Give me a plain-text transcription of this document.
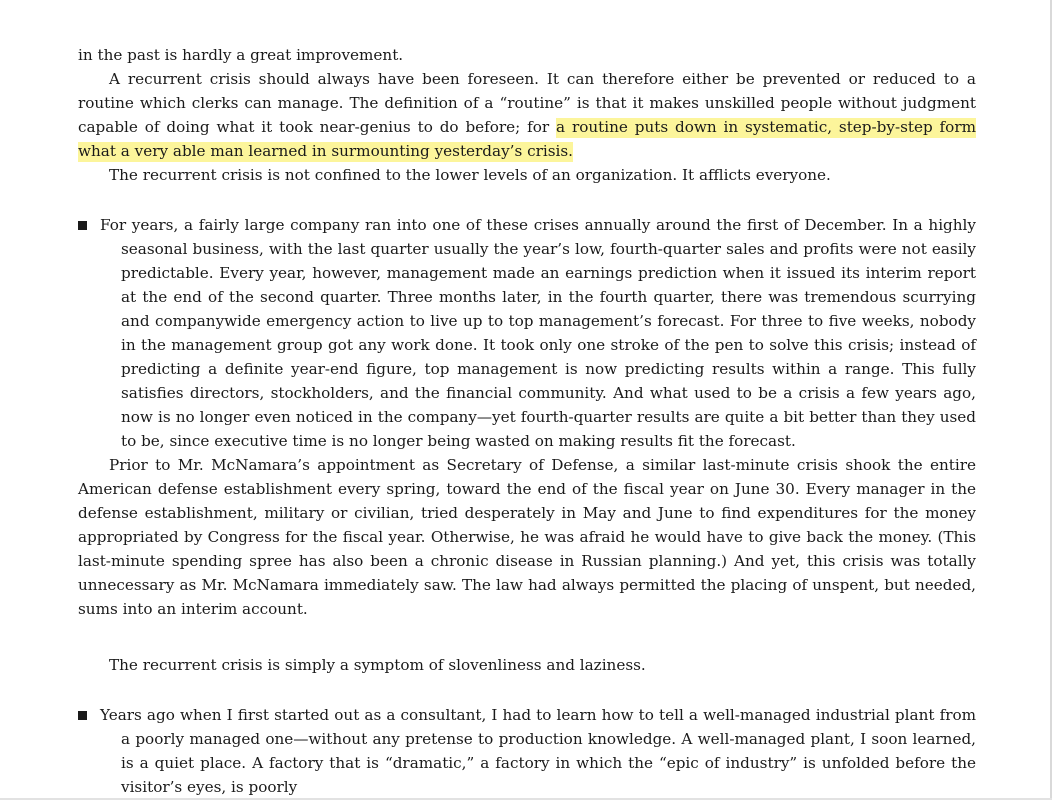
in the past is hardly a great improvement.

A recurrent crisis should always have been foreseen. It can therefore either be prevented or reduced to a routine which clerks can manage. The definition of a “routine” is that it makes unskilled people without judgment capable of doing what it took near-genius to do before; for a routine puts down in systematic, step-by-step form what a very able man learned in surmounting yesterday’s crisis.

The recurrent crisis is not confined to the lower levels of an organization. It afflicts everyone.

For years, a fairly large company ran into one of these crises annually around the first of December. In a highly seasonal business, with the last quarter usually the year’s low, fourth-quarter sales and profits were not easily predictable. Every year, however, management made an earnings prediction when it issued its interim report at the end of the second quarter. Three months later, in the fourth quarter, there was tremendous scurrying and companywide emergency action to live up to top management’s forecast. For three to five weeks, nobody in the management group got any work done. It took only one stroke of the pen to solve this crisis; instead of predicting a definite year-end figure, top management is now predicting results within a range. This fully satisfies directors, stockholders, and the financial community. And what used to be a crisis a few years ago, now is no longer even noticed in the company—yet fourth-quarter results are quite a bit better than they used to be, since executive time is no longer being wasted on making results fit the forecast.

Prior to Mr. McNamara’s appointment as Secretary of Defense, a similar last-minute crisis shook the entire American defense establishment every spring, toward the end of the fiscal year on June 30. Every manager in the defense establishment, military or civilian, tried desperately in May and June to find expenditures for the money appropriated by Congress for the fiscal year. Otherwise, he was afraid he would have to give back the money. (This last-minute spending spree has also been a chronic disease in Russian planning.) And yet, this crisis was totally unnecessary as Mr. McNamara immediately saw. The law had always permitted the placing of unspent, but needed, sums into an interim account.

The recurrent crisis is simply a symptom of slovenliness and laziness.

Years ago when I first started out as a consultant, I had to learn how to tell a well-managed industrial plant from a poorly managed one—without any pretense to production knowledge. A well-managed plant, I soon learned, is a quiet place. A factory that is “dramatic,” a factory in which the “epic of industry” is unfolded before the visitor’s eyes, is poorly
